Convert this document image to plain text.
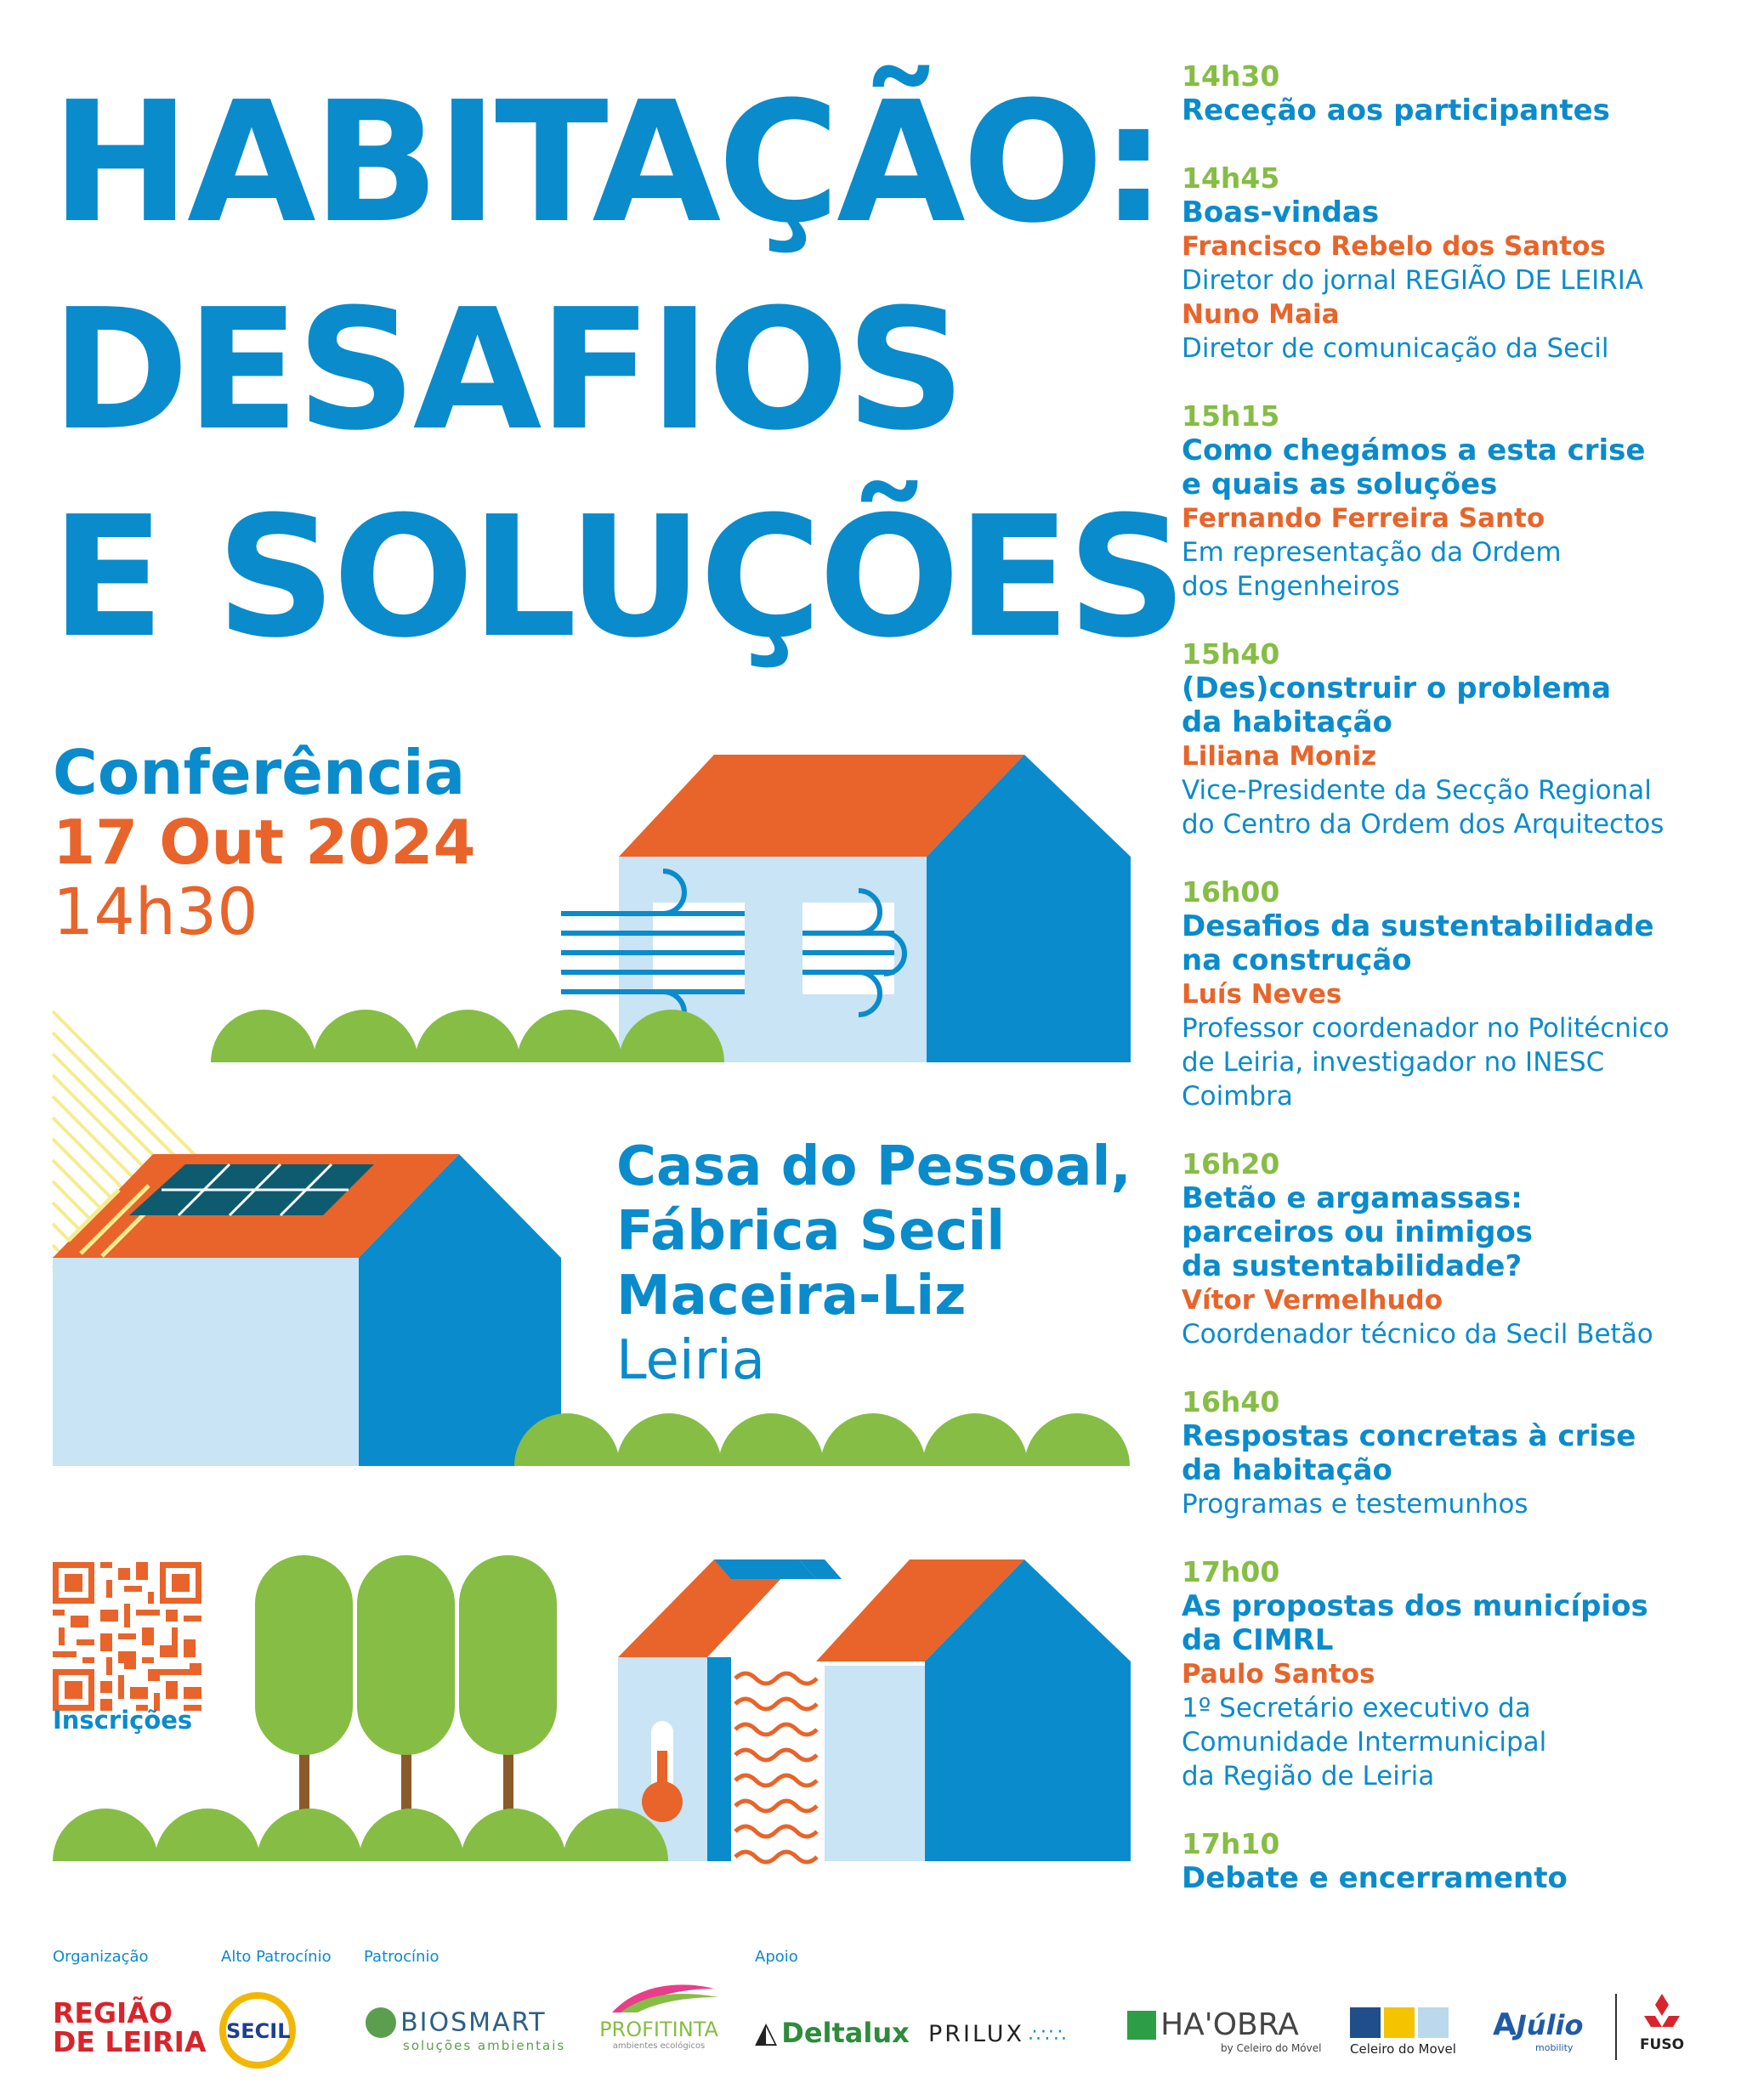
HABITAÇÃO:
DESAFIOS
E SOLUÇÕES
Conferência
17 Out 2024
14h30
Casa do Pessoal,
Fábrica Secil
Maceira-Liz
Leiria
Inscrições
14h30
Receção aos participantes
14h45
Boas-vindas
Francisco Rebelo dos Santos
Diretor do jornal REGIÃO DE LEIRIA
Nuno Maia
Diretor de comunicação da Secil
15h15
Como chegámos a esta crise
e quais as soluções
Fernando Ferreira Santo
Em representação da Ordem
dos Engenheiros
15h40
(Des)construir o problema
da habitação
Liliana Moniz
Vice-Presidente da Secção Regional
do Centro da Ordem dos Arquitectos
16h00
Desafios da sustentabilidade
na construção
Luís Neves
Professor coordenador no Politécnico
de Leiria, investigador no INESC
Coimbra
16h20
Betão e argamassas:
parceiros ou inimigos
da sustentabilidade?
Vítor Vermelhudo
Coordenador técnico da Secil Betão
16h40
Respostas concretas à crise
da habitação
Programas e testemunhos
17h00
As propostas dos municípios
da CIMRL
Paulo Santos
1º Secretário executivo da
Comunidade Intermunicipal
da Região de Leiria
17h10
Debate e encerramento
Organização	Alto Patrocínio Patrocínio	Apoio
REGIÃO
DE LEIRIA SECIL	BIOSMART
soluções ambientais
PROFITINTA
ambientes ecológicos	◭ Deltalux PRILUX ∴∵∴	HA'OBRA
by Celeiro do Móvel Celeiro do Movel
AJúlio
mobility	FUSO
